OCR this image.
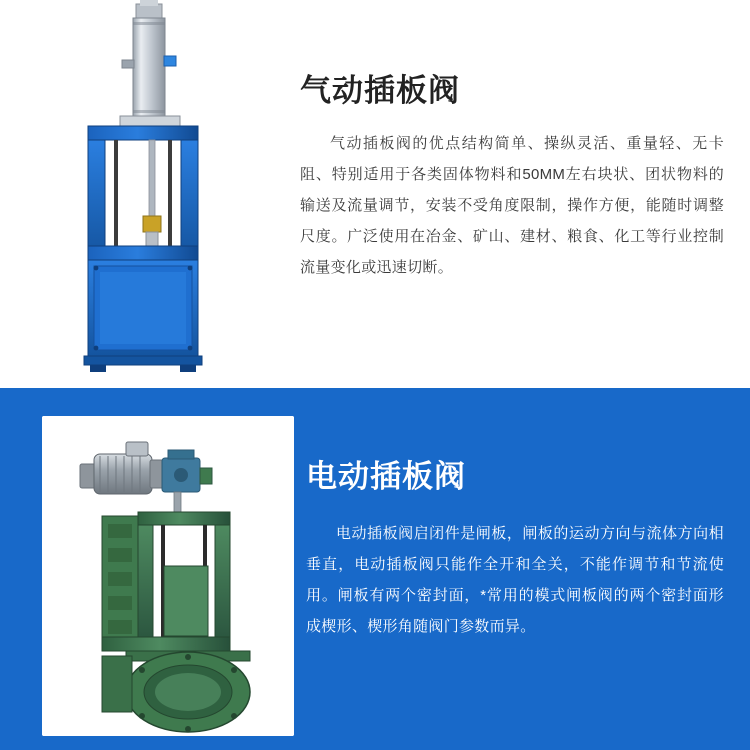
气动插板阀

气动插板阀的优点结构简单、操纵灵活、重量轻、无卡阻、特别适用于各类固体物料和50MM左右块状、团状物料的输送及流量调节，安装不受角度限制，操作方便，能随时调整尺度。广泛使用在冶金、矿山、建材、粮食、化工等行业控制流量变化或迅速切断。

电动插板阀

电动插板阀启闭件是闸板，闸板的运动方向与流体方向相垂直，电动插板阀只能作全开和全关，不能作调节和节流使用。闸板有两个密封面，*常用的模式闸板阀的两个密封面形成楔形、楔形角随阀门参数而异。
